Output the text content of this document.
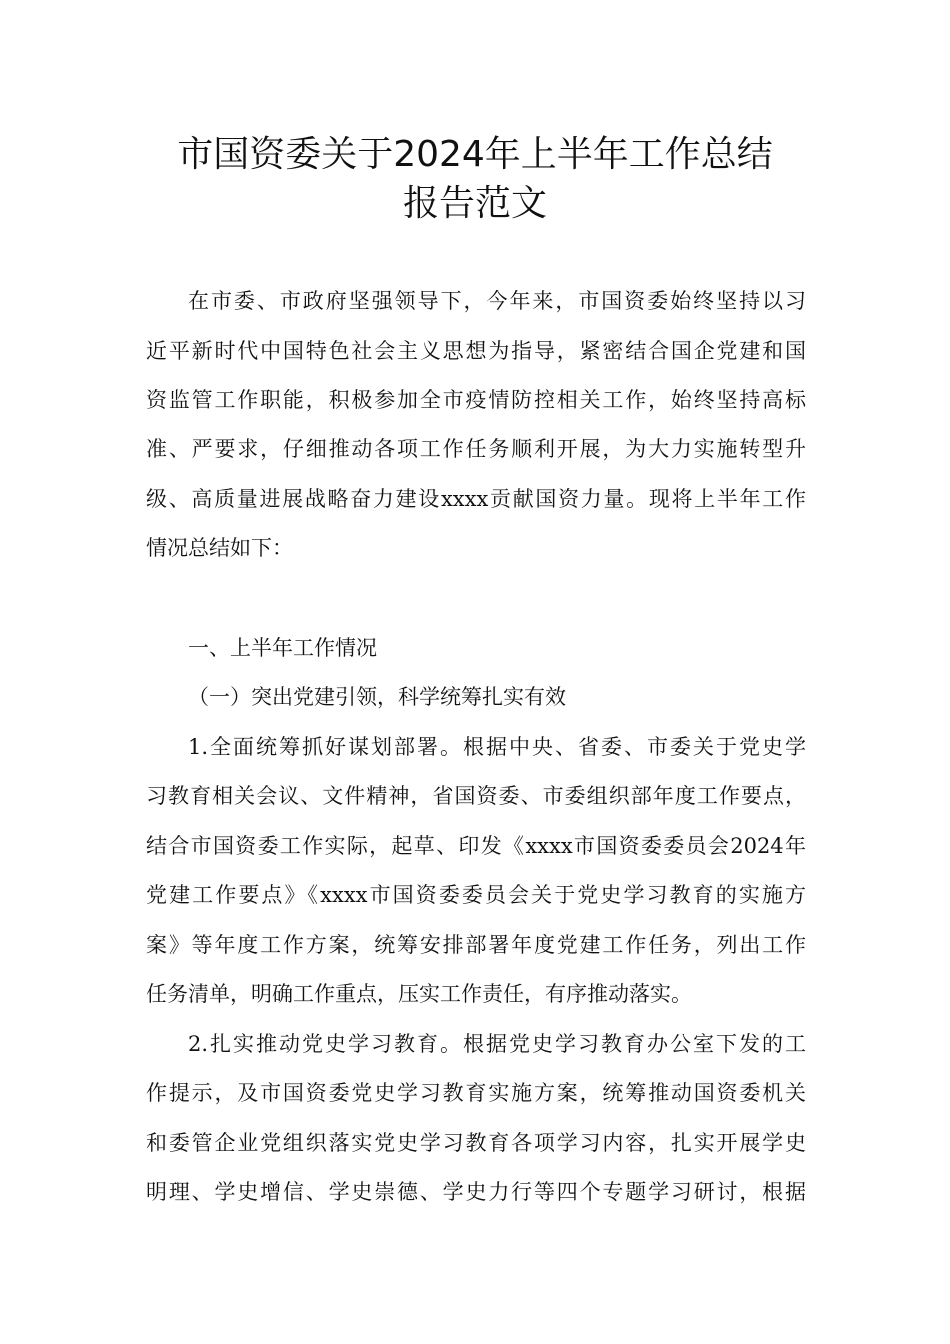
市国资委关于2024年上半年工作总结
报告范文
在市委、市政府坚强领导下，今年来，市国资委始终坚持以习
近平新时代中国特色社会主义思想为指导，紧密结合国企党建和国
资监管工作职能，积极参加全市疫情防控相关工作，始终坚持高标
准、严要求，仔细推动各项工作任务顺利开展，为大力实施转型升
级、高质量进展战略奋力建设xxxx贡献国资力量。现将上半年工作
情况总结如下：
一、上半年工作情况
（一）突出党建引领，科学统筹扎实有效
1.全面统筹抓好谋划部署。根据中央、省委、市委关于党史学
习教育相关会议、文件精神，省国资委、市委组织部年度工作要点，
结合市国资委工作实际，起草、印发《xxxx市国资委委员会2024年
党建工作要点》《xxxx市国资委委员会关于党史学习教育的实施方
案》等年度工作方案，统筹安排部署年度党建工作任务，列出工作
任务清单，明确工作重点，压实工作责任，有序推动落实。
2.扎实推动党史学习教育。根据党史学习教育办公室下发的工
作提示，及市国资委党史学习教育实施方案，统筹推动国资委机关
和委管企业党组织落实党史学习教育各项学习内容，扎实开展学史
明理、学史增信、学史崇德、学史力行等四个专题学习研讨，根据
